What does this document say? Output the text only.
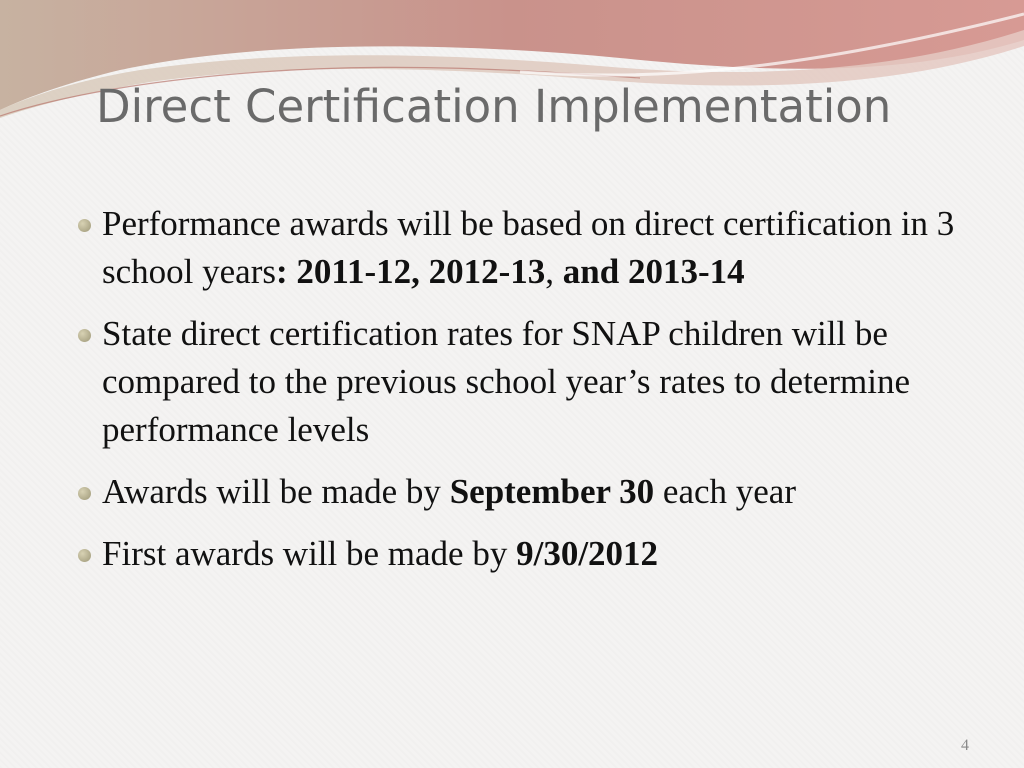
Direct Certification Implementation
Performance awards will be based on direct certification in 3 school years: 2011-12, 2012-13, and 2013-14
State direct certification rates for SNAP children will be compared to the previous school year’s rates to determine performance levels
Awards will be made by September 30 each year
First awards will be made by 9/30/2012
4
